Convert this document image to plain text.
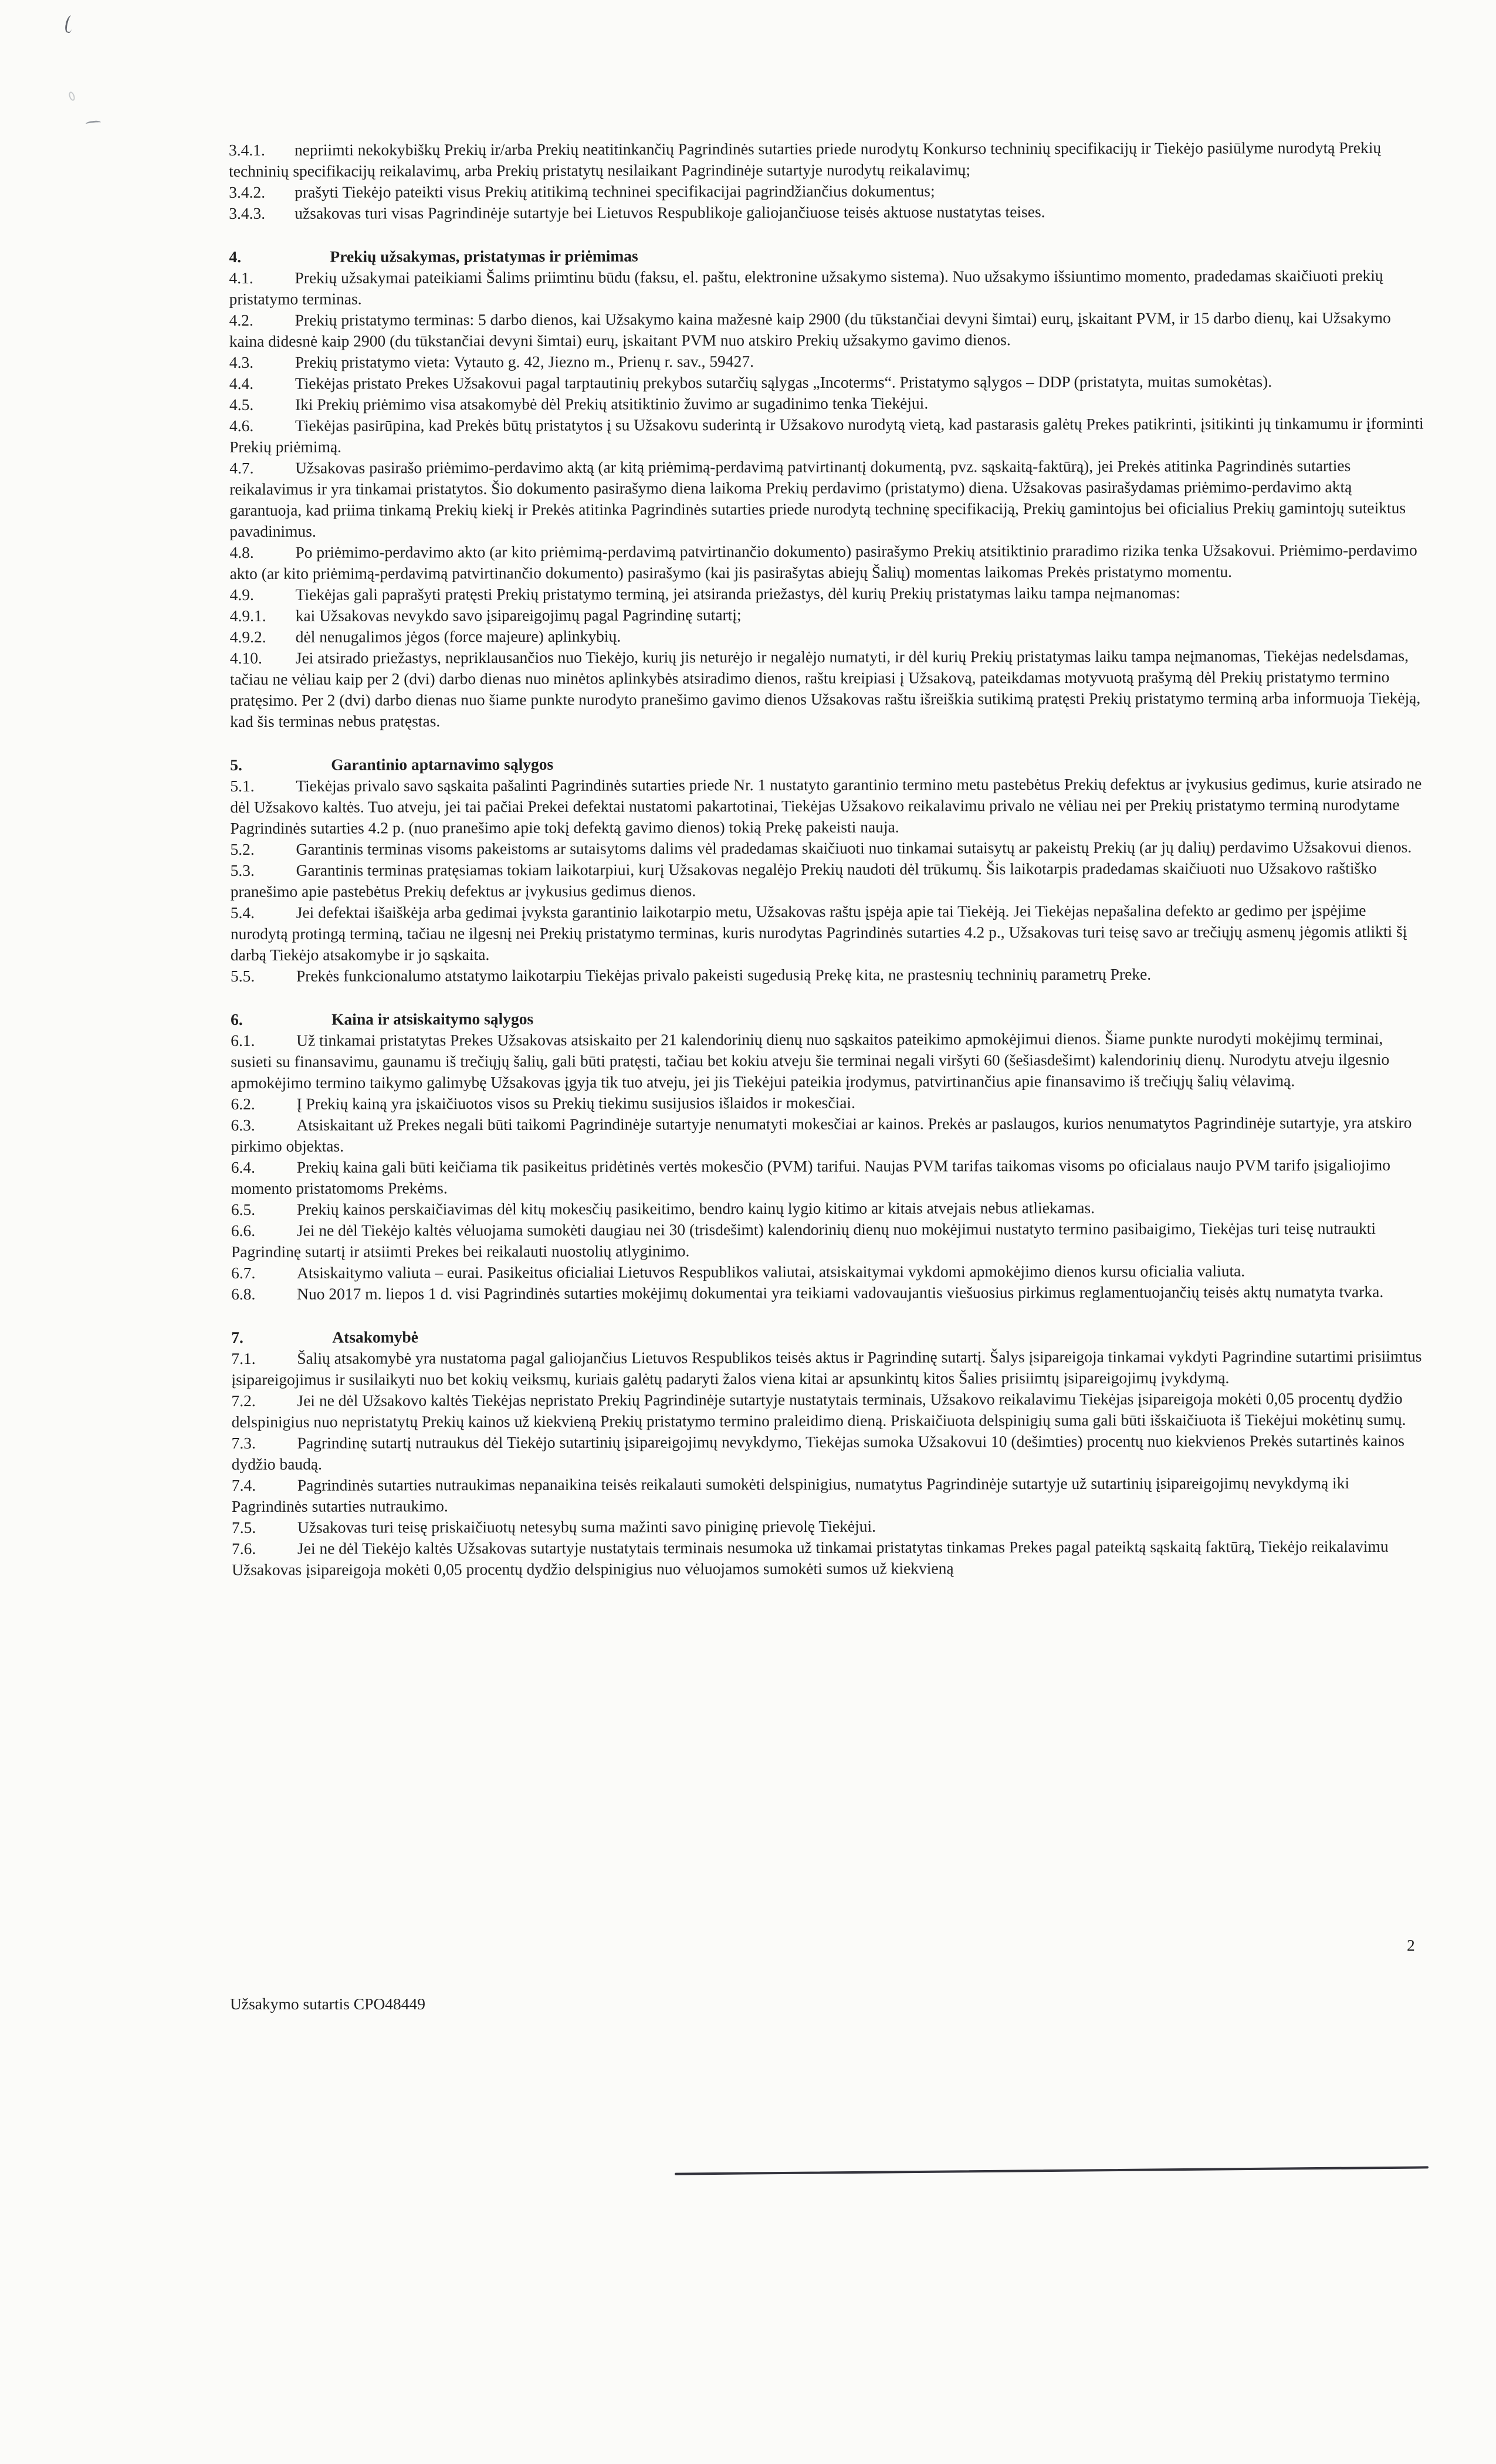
3.4.1. nepriimti nekokybiškų Prekių ir/arba Prekių neatitinkančių Pagrindinės sutarties priede nurodytų Konkurso techninių specifikacijų ir Tiekėjo pasiūlyme nurodytą Prekių techninių specifikacijų reikalavimų, arba Prekių pristatytų nesilaikant Pagrindinėje sutartyje nurodytų reikalavimų;

3.4.2. prašyti Tiekėjo pateikti visus Prekių atitikimą techninei specifikacijai pagrindžiančius dokumentus;

3.4.3. užsakovas turi visas Pagrindinėje sutartyje bei Lietuvos Respublikoje galiojančiuose teisės aktuose nustatytas teises.

4.	Prekių užsakymas, pristatymas ir priėmimas

4.1.	Prekių užsakymai pateikiami Šalims priimtinu būdu (faksu, el. paštu, elektronine užsakymo sistema). Nuo užsakymo išsiuntimo momento, pradedamas skaičiuoti prekių pristatymo terminas.

4.2.	Prekių pristatymo terminas: 5 darbo dienos, kai Užsakymo kaina mažesnė kaip 2900 (du tūkstančiai devyni šimtai) eurų, įskaitant PVM, ir 15 darbo dienų, kai Užsakymo kaina didesnė kaip 2900 (du tūkstančiai devyni šimtai) eurų, įskaitant PVM nuo atskiro Prekių užsakymo gavimo dienos.

4.3.	Prekių pristatymo vieta: Vytauto g. 42, Jiezno m., Prienų r. sav., 59427.

4.4.	Tiekėjas pristato Prekes Užsakovui pagal tarptautinių prekybos sutarčių sąlygas „Incoterms“. Pristatymo sąlygos – DDP (pristatyta, muitas sumokėtas).

4.5.	Iki Prekių priėmimo visa atsakomybė dėl Prekių atsitiktinio žuvimo ar sugadinimo tenka Tiekėjui.

4.6.	Tiekėjas pasirūpina, kad Prekės būtų pristatytos į su Užsakovu suderintą ir Užsakovo nurodytą vietą, kad pastarasis galėtų Prekes patikrinti, įsitikinti jų tinkamumu ir įforminti Prekių priėmimą.

4.7.	Užsakovas pasirašo priėmimo-perdavimo aktą (ar kitą priėmimą-perdavimą patvirtinantį dokumentą, pvz. sąskaitą-faktūrą), jei Prekės atitinka Pagrindinės sutarties reikalavimus ir yra tinkamai pristatytos. Šio dokumento pasirašymo diena laikoma Prekių perdavimo (pristatymo) diena. Užsakovas pasirašydamas priėmimo-perdavimo aktą garantuoja, kad priima tinkamą Prekių kiekį ir Prekės atitinka Pagrindinės sutarties priede nurodytą techninę specifikaciją, Prekių gamintojus bei oficialius Prekių gamintojų suteiktus pavadinimus.

4.8.	Po priėmimo-perdavimo akto (ar kito priėmimą-perdavimą patvirtinančio dokumento) pasirašymo Prekių atsitiktinio praradimo rizika tenka Užsakovui. Priėmimo-perdavimo akto (ar kito priėmimą-perdavimą patvirtinančio dokumento) pasirašymo (kai jis pasirašytas abiejų Šalių) momentas laikomas Prekės pristatymo momentu.

4.9.	Tiekėjas gali paprašyti pratęsti Prekių pristatymo terminą, jei atsiranda priežastys, dėl kurių Prekių pristatymas laiku tampa neįmanomas:

4.9.1. kai Užsakovas nevykdo savo įsipareigojimų pagal Pagrindinę sutartį;

4.9.2. dėl nenugalimos jėgos (force majeure) aplinkybių.

4.10. Jei atsirado priežastys, nepriklausančios nuo Tiekėjo, kurių jis neturėjo ir negalėjo numatyti, ir dėl kurių Prekių pristatymas laiku tampa neįmanomas, Tiekėjas nedelsdamas, tačiau ne vėliau kaip per 2 (dvi) darbo dienas nuo minėtos aplinkybės atsiradimo dienos, raštu kreipiasi į Užsakovą, pateikdamas motyvuotą prašymą dėl Prekių pristatymo termino pratęsimo. Per 2 (dvi) darbo dienas nuo šiame punkte nurodyto pranešimo gavimo dienos Užsakovas raštu išreiškia sutikimą pratęsti Prekių pristatymo terminą arba informuoja Tiekėją, kad šis terminas nebus pratęstas.

5.	Garantinio aptarnavimo sąlygos

5.1.	Tiekėjas privalo savo sąskaita pašalinti Pagrindinės sutarties priede Nr. 1 nustatyto garantinio termino metu pastebėtus Prekių defektus ar įvykusius gedimus, kurie atsirado ne dėl Užsakovo kaltės. Tuo atveju, jei tai pačiai Prekei defektai nustatomi pakartotinai, Tiekėjas Užsakovo reikalavimu privalo ne vėliau nei per Prekių pristatymo terminą nurodytame Pagrindinės sutarties 4.2 p. (nuo pranešimo apie tokį defektą gavimo dienos) tokią Prekę pakeisti nauja.

5.2.	Garantinis terminas visoms pakeistoms ar sutaisytoms dalims vėl pradedamas skaičiuoti nuo tinkamai sutaisytų ar pakeistų Prekių (ar jų dalių) perdavimo Užsakovui dienos.

5.3.	Garantinis terminas pratęsiamas tokiam laikotarpiui, kurį Užsakovas negalėjo Prekių naudoti dėl trūkumų. Šis laikotarpis pradedamas skaičiuoti nuo Užsakovo raštiško pranešimo apie pastebėtus Prekių defektus ar įvykusius gedimus dienos.

5.4.	Jei defektai išaiškėja arba gedimai įvyksta garantinio laikotarpio metu, Užsakovas raštu įspėja apie tai Tiekėją. Jei Tiekėjas nepašalina defekto ar gedimo per įspėjime nurodytą protingą terminą, tačiau ne ilgesnį nei Prekių pristatymo terminas, kuris nurodytas Pagrindinės sutarties 4.2 p., Užsakovas turi teisę savo ar trečiųjų asmenų jėgomis atlikti šį darbą Tiekėjo atsakomybe ir jo sąskaita.

5.5.	Prekės funkcionalumo atstatymo laikotarpiu Tiekėjas privalo pakeisti sugedusią Prekę kita, ne prastesnių techninių parametrų Preke.

6.	Kaina ir atsiskaitymo sąlygos

6.1.	Už tinkamai pristatytas Prekes Užsakovas atsiskaito per 21 kalendorinių dienų nuo sąskaitos pateikimo apmokėjimui dienos. Šiame punkte nurodyti mokėjimų terminai, susieti su finansavimu, gaunamu iš trečiųjų šalių, gali būti pratęsti, tačiau bet kokiu atveju šie terminai negali viršyti 60 (šešiasdešimt) kalendorinių dienų. Nurodytu atveju ilgesnio apmokėjimo termino taikymo galimybę Užsakovas įgyja tik tuo atveju, jei jis Tiekėjui pateikia įrodymus, patvirtinančius apie finansavimo iš trečiųjų šalių vėlavimą.

6.2.	Į Prekių kainą yra įskaičiuotos visos su Prekių tiekimu susijusios išlaidos ir mokesčiai.

6.3.	Atsiskaitant už Prekes negali būti taikomi Pagrindinėje sutartyje nenumatyti mokesčiai ar kainos. Prekės ar paslaugos, kurios nenumatytos Pagrindinėje sutartyje, yra atskiro pirkimo objektas.

6.4.	Prekių kaina gali būti keičiama tik pasikeitus pridėtinės vertės mokesčio (PVM) tarifui. Naujas PVM tarifas taikomas visoms po oficialaus naujo PVM tarifo įsigaliojimo momento pristatomoms Prekėms.

6.5.	Prekių kainos perskaičiavimas dėl kitų mokesčių pasikeitimo, bendro kainų lygio kitimo ar kitais atvejais nebus atliekamas.

6.6.	Jei ne dėl Tiekėjo kaltės vėluojama sumokėti daugiau nei 30 (trisdešimt) kalendorinių dienų nuo mokėjimui nustatyto termino pasibaigimo, Tiekėjas turi teisę nutraukti Pagrindinę sutartį ir atsiimti Prekes bei reikalauti nuostolių atlyginimo.

6.7.	Atsiskaitymo valiuta – eurai. Pasikeitus oficialiai Lietuvos Respublikos valiutai, atsiskaitymai vykdomi apmokėjimo dienos kursu oficialia valiuta.

6.8.	Nuo 2017 m. liepos 1 d. visi Pagrindinės sutarties mokėjimų dokumentai yra teikiami vadovaujantis viešuosius pirkimus reglamentuojančių teisės aktų numatyta tvarka.

7.	Atsakomybė

7.1.	Šalių atsakomybė yra nustatoma pagal galiojančius Lietuvos Respublikos teisės aktus ir Pagrindinę sutartį. Šalys įsipareigoja tinkamai vykdyti Pagrindine sutartimi prisiimtus įsipareigojimus ir susilaikyti nuo bet kokių veiksmų, kuriais galėtų padaryti žalos viena kitai ar apsunkintų kitos Šalies prisiimtų įsipareigojimų įvykdymą.

7.2.	Jei ne dėl Užsakovo kaltės Tiekėjas nepristato Prekių Pagrindinėje sutartyje nustatytais terminais, Užsakovo reikalavimu Tiekėjas įsipareigoja mokėti 0,05 procentų dydžio delspinigius nuo nepristatytų Prekių kainos už kiekvieną Prekių pristatymo termino praleidimo dieną. Priskaičiuota delspinigių suma gali būti išskaičiuota iš Tiekėjui mokėtinų sumų.

7.3.	Pagrindinę sutartį nutraukus dėl Tiekėjo sutartinių įsipareigojimų nevykdymo, Tiekėjas sumoka Užsakovui 10 (dešimties) procentų nuo kiekvienos Prekės sutartinės kainos dydžio baudą.

7.4.	Pagrindinės sutarties nutraukimas nepanaikina teisės reikalauti sumokėti delspinigius, numatytus Pagrindinėje sutartyje už sutartinių įsipareigojimų nevykdymą iki Pagrindinės sutarties nutraukimo.

7.5.	Užsakovas turi teisę priskaičiuotų netesybų suma mažinti savo piniginę prievolę Tiekėjui.

7.6.	Jei ne dėl Tiekėjo kaltės Užsakovas sutartyje nustatytais terminais nesumoka už tinkamai pristatytas tinkamas Prekes pagal pateiktą sąskaitą faktūrą, Tiekėjo reikalavimu Užsakovas įsipareigoja mokėti 0,05 procentų dydžio delspinigius nuo vėluojamos sumokėti sumos už kiekvieną

Užsakymo sutartis CPO48449
2
